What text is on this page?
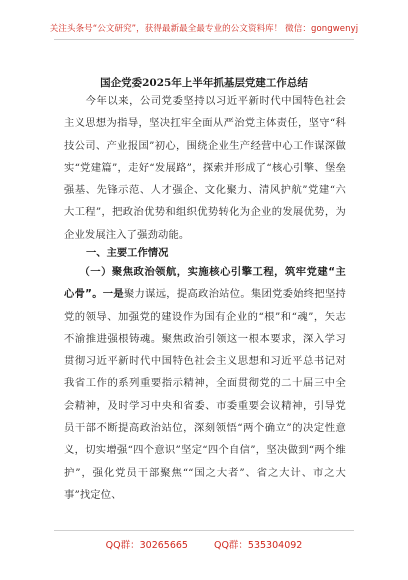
关注头条号“公文研究”，获得最新最全最专业的公文资料库！ 微信：gongwenyj
国企党委2025年上半年抓基层党建工作总结
今年以来，公司党委坚持以习近平新时代中国特色社会主义思想为指导，坚决扛牢全面从严治党主体责任，坚守“科技公司、产业报国”初心，围绕企业生产经营中心工作谋深做实“党建篇”，走好“发展路”，探索并形成了“核心引擎、堡垒强基、先锋示范、人才强企、文化聚力、清风护航”党建“六大工程”，把政治优势和组织优势转化为企业的发展优势，为企业发展注入了强劲动能。
一、主要工作情况
（一）聚焦政治领航，实施核心引擎工程，筑牢党建“主心骨”。一是聚力谋远，提高政治站位。集团党委始终把坚持党的领导、加强党的建设作为国有企业的“根”和“魂”，矢志不渝推进强根铸魂。聚焦政治引领这一根本要求，深入学习贯彻习近平新时代中国特色社会主义思想和习近平总书记对我省工作的系列重要指示精神，全面贯彻党的二十届三中全会精神，及时学习中央和省委、市委重要会议精神，引导党员干部不断提高政治站位，深刻领悟“两个确立”的决定性意义，切实增强“四个意识”坚定“四个自信”，坚决做到“两个维护”，强化党员干部聚焦““国之大者”、省之大计、市之大事”找定位、
QQ群：30265665	QQ群：535304092
